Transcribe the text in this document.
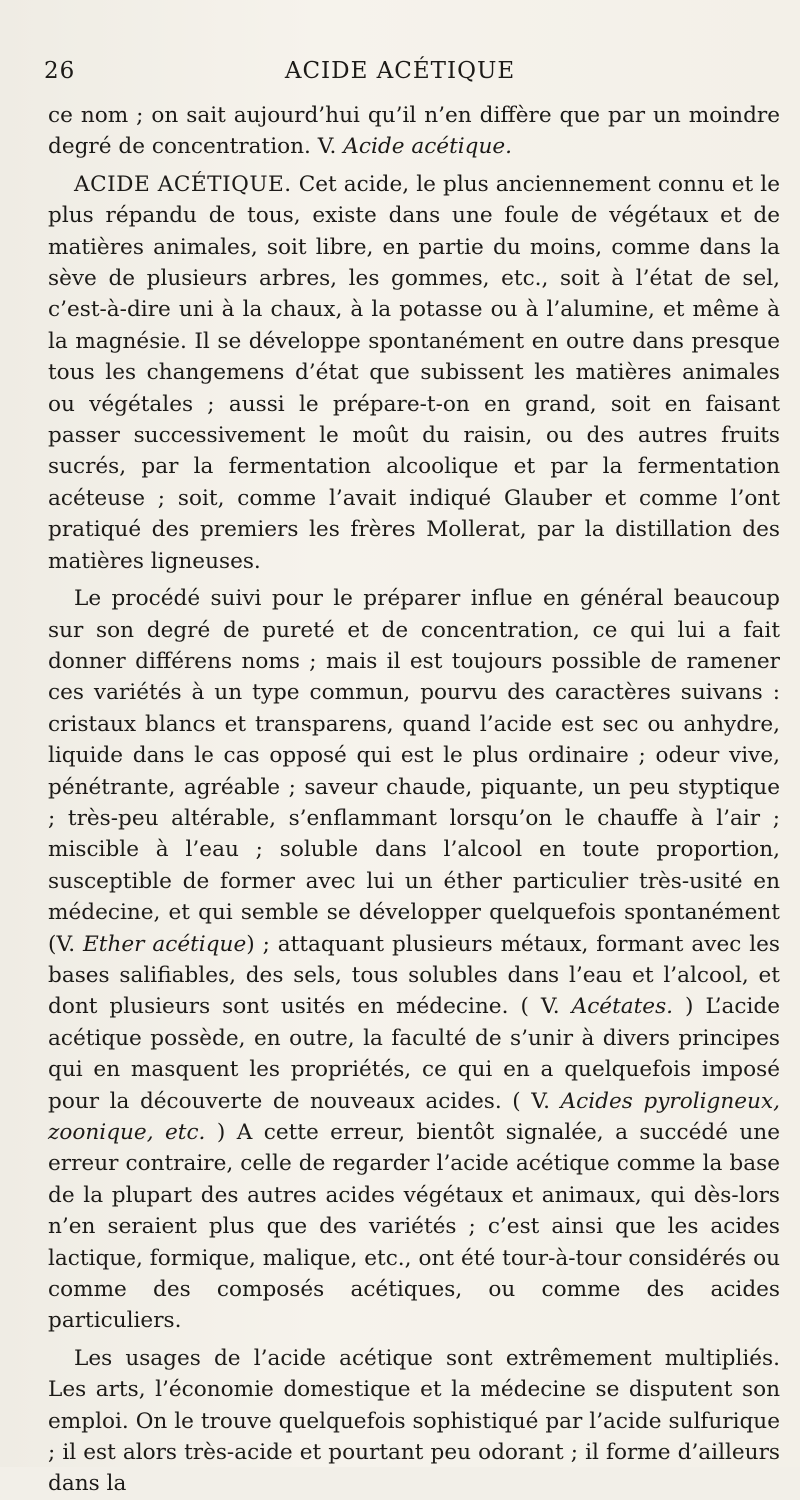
26	ACIDE ACÉTIQUE

ce nom ; on sait aujourd’hui qu’il n’en diffère que par un moindre degré de concentration. V. Acide acétique.

ACIDE ACÉTIQUE. Cet acide, le plus anciennement connu et le plus répandu de tous, existe dans une foule de végétaux et de matières animales, soit libre, en partie du moins, comme dans la sève de plusieurs arbres, les gommes, etc., soit à l’état de sel, c’est-à-dire uni à la chaux, à la potasse ou à l’alumine, et même à la magnésie. Il se développe spontanément en outre dans presque tous les changemens d’état que subissent les matières animales ou végétales ; aussi le prépare-t-on en grand, soit en faisant passer successivement le moût du raisin, ou des autres fruits sucrés, par la fermentation alcoolique et par la fermentation acéteuse ; soit, comme l’avait indiqué Glauber et comme l’ont pratiqué des premiers les frères Mollerat, par la distillation des matières ligneuses.

Le procédé suivi pour le préparer influe en général beaucoup sur son degré de pureté et de concentration, ce qui lui a fait donner différens noms ; mais il est toujours possible de ramener ces variétés à un type commun, pourvu des caractères suivans : cristaux blancs et transparens, quand l’acide est sec ou anhydre, liquide dans le cas opposé qui est le plus ordinaire ; odeur vive, pénétrante, agréable ; saveur chaude, piquante, un peu styptique ; très-peu altérable, s’enflammant lorsqu’on le chauffe à l’air ; miscible à l’eau ; soluble dans l’alcool en toute proportion, susceptible de former avec lui un éther particulier très-usité en médecine, et qui semble se développer quelquefois spontanément (V. Ether acétique) ; attaquant plusieurs métaux, formant avec les bases salifiables, des sels, tous solubles dans l’eau et l’alcool, et dont plusieurs sont usités en médecine. ( V. Acétates. ) L’acide acétique possède, en outre, la faculté de s’unir à divers principes qui en masquent les propriétés, ce qui en a quelquefois imposé pour la découverte de nouveaux acides. ( V. Acides pyroligneux, zoonique, etc. ) A cette erreur, bientôt signalée, a succédé une erreur contraire, celle de regarder l’acide acétique comme la base de la plupart des autres acides végétaux et animaux, qui dès-lors n’en seraient plus que des variétés ; c’est ainsi que les acides lactique, formique, malique, etc., ont été tour-à-tour considérés ou comme des composés acétiques, ou comme des acides particuliers.

Les usages de l’acide acétique sont extrêmement multipliés. Les arts, l’économie domestique et la médecine se disputent son emploi. On le trouve quelquefois sophistiqué par l’acide sulfurique ; il est alors très-acide et pourtant peu odorant ; il forme d’ailleurs dans la
